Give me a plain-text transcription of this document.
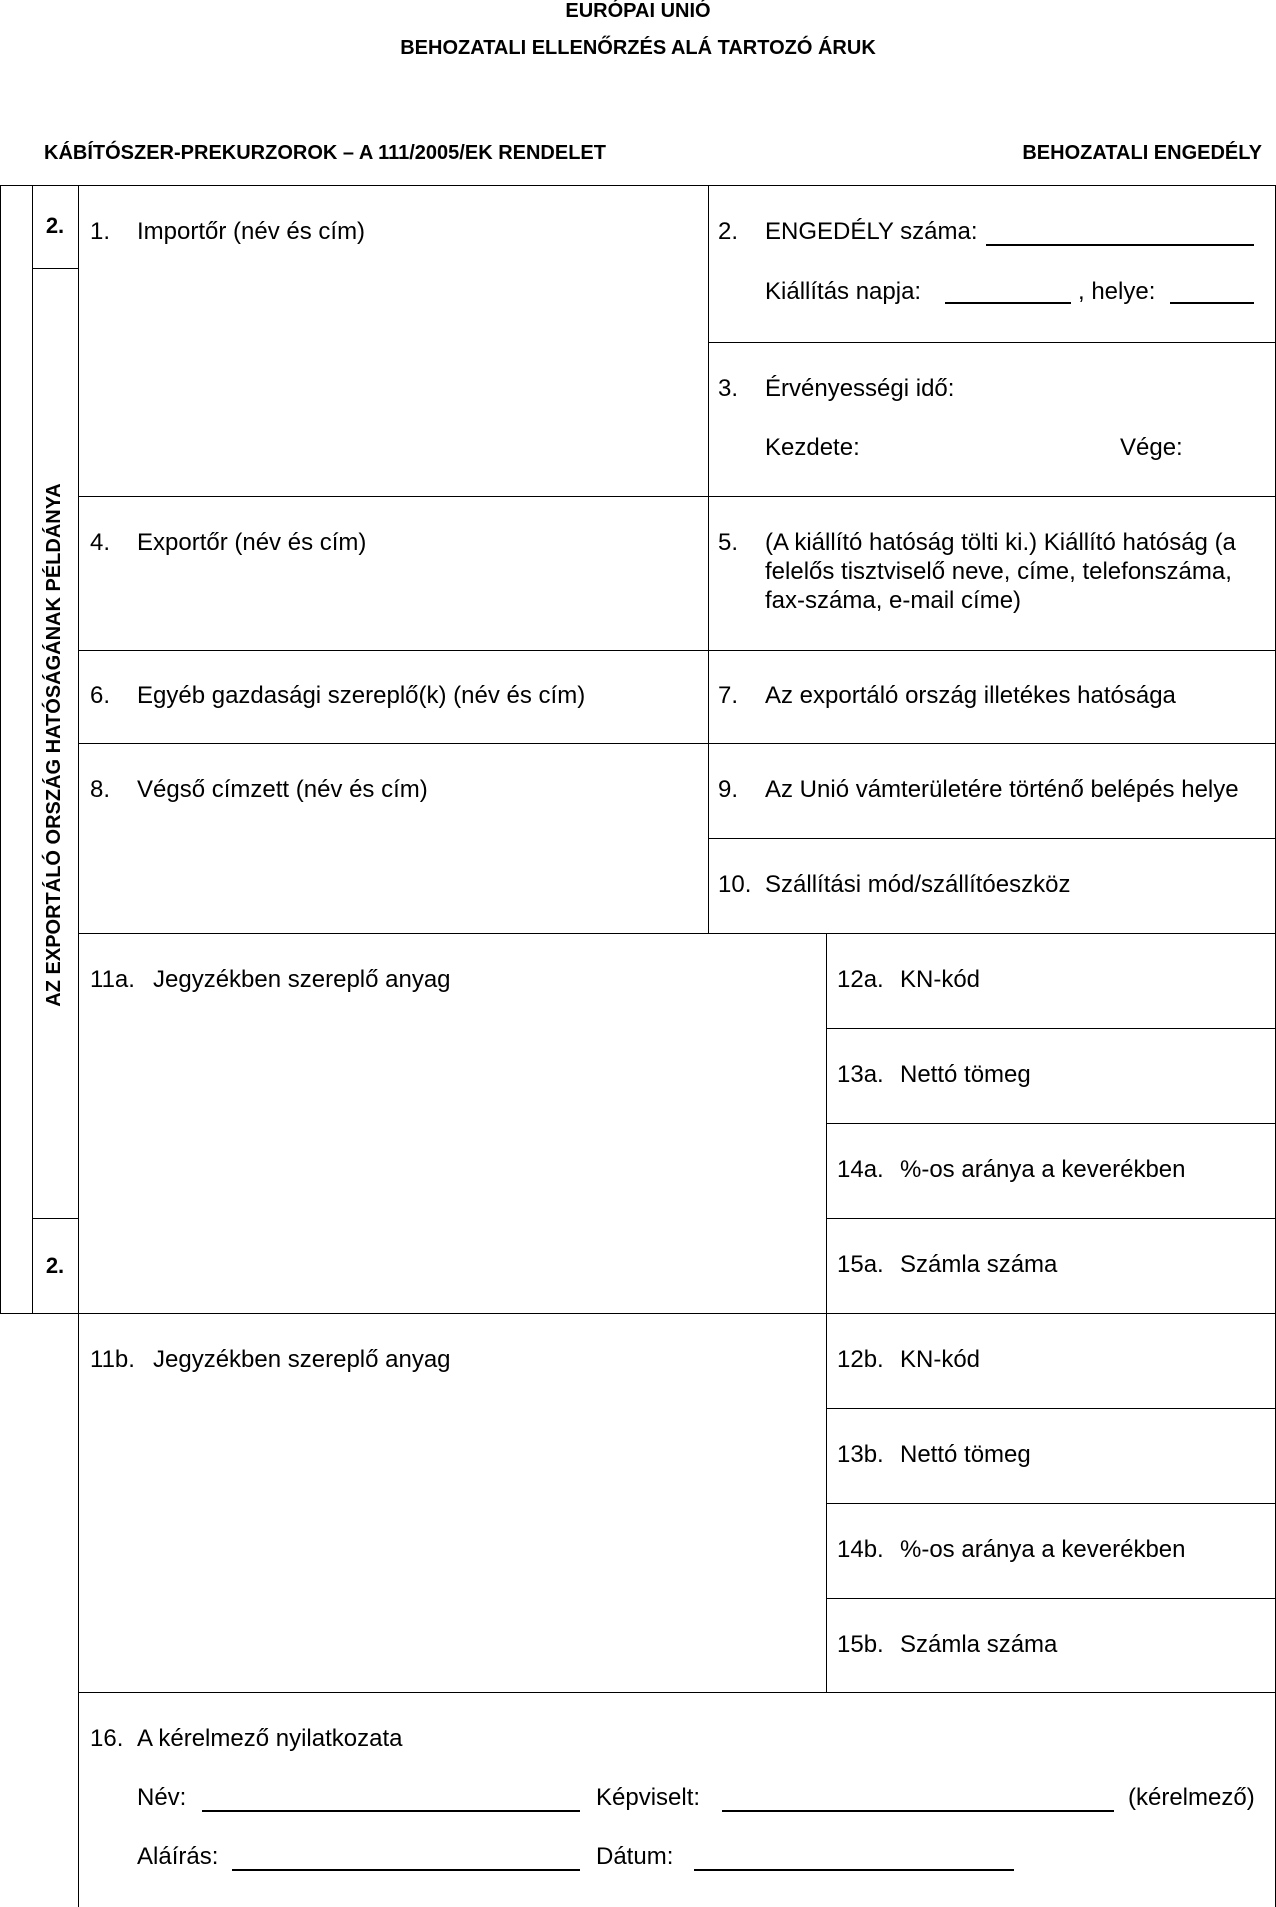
EURÓPAI UNIÓ
BEHOZATALI ELLENŐRZÉS ALÁ TARTOZÓ ÁRUK
KÁBÍTÓSZER-PREKURZOROK – A 111/2005/EK RENDELET	BEHOZATALI ENGEDÉLY
2.
AZ EXPORTÁLÓ ORSZÁG HATÓSÁGÁNAK PÉLDÁNYA
2.
1. Importőr (név és cím)	2. ENGEDÉLY száma:
Kiállítás napja:	, helye:
3. Érvényességi idő:
Kezdete:	Vége:
4. Exportőr (név és cím)	5. (A kiállító hatóság tölti ki.) Kiállító hatóság (a
felelős tisztviselő neve, címe, telefonszáma,
fax-száma, e-mail címe)
6. Egyéb gazdasági szereplő(k) (név és cím)	7. Az exportáló ország illetékes hatósága
8. Végső címzett (név és cím)	9. Az Unió vámterületére történő belépés helye
10. Szállítási mód/szállítóeszköz
11a. Jegyzékben szereplő anyag	12a. KN-kód
13a. Nettó tömeg
14a. %-os aránya a keverékben
15a. Számla száma
11b. Jegyzékben szereplő anyag	12b. KN-kód
13b. Nettó tömeg
14b. %-os aránya a keverékben
15b. Számla száma
16. A kérelmező nyilatkozata
Név:	Képviselt:	(kérelmező)
Aláírás:	Dátum:
